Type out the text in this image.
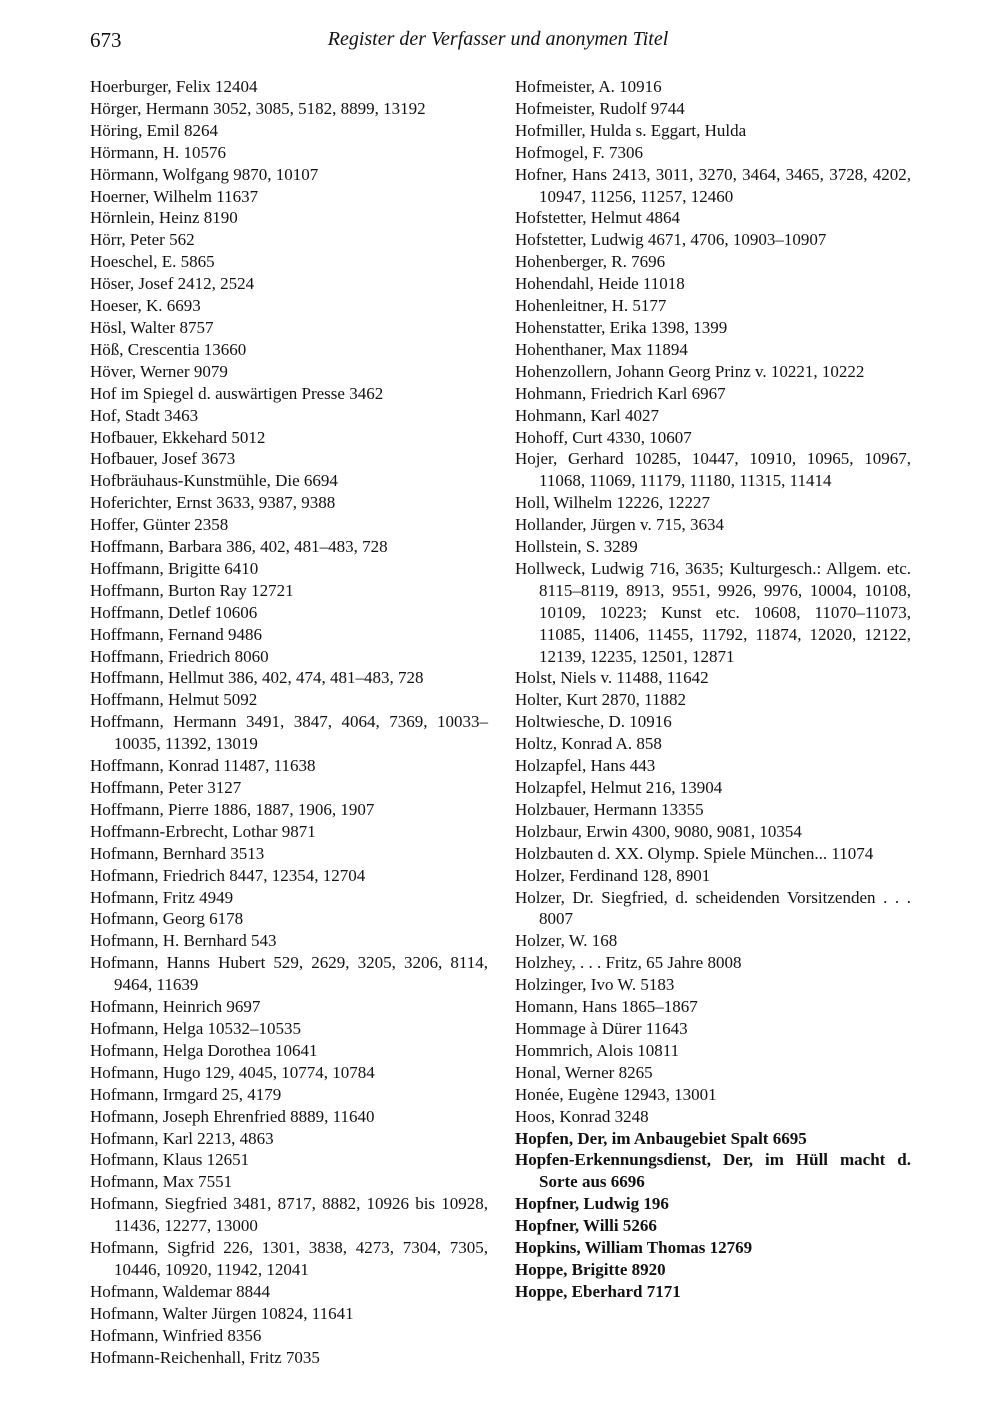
673	Register der Verfasser und anonymen Titel
Hoerburger, Felix 12404
Hörger, Hermann 3052, 3085, 5182, 8899, 13192
Höring, Emil 8264
Hörmann, H. 10576
Hörmann, Wolfgang 9870, 10107
Hoerner, Wilhelm 11637
Hörnlein, Heinz 8190
Hörr, Peter 562
Hoeschel, E. 5865
Höser, Josef 2412, 2524
Hoeser, K. 6693
Hösl, Walter 8757
Höß, Crescentia 13660
Höver, Werner 9079
Hof im Spiegel d. auswärtigen Presse 3462
Hof, Stadt 3463
Hofbauer, Ekkehard 5012
Hofbauer, Josef 3673
Hofbräuhaus-Kunstmühle, Die 6694
Hoferichter, Ernst 3633, 9387, 9388
Hoffer, Günter 2358
Hoffmann, Barbara 386, 402, 481–483, 728
Hoffmann, Brigitte 6410
Hoffmann, Burton Ray 12721
Hoffmann, Detlef 10606
Hoffmann, Fernand 9486
Hoffmann, Friedrich 8060
Hoffmann, Hellmut 386, 402, 474, 481–483, 728
Hoffmann, Helmut 5092
Hoffmann, Hermann 3491, 3847, 4064, 7369, 10033–10035, 11392, 13019
Hoffmann, Konrad 11487, 11638
Hoffmann, Peter 3127
Hoffmann, Pierre 1886, 1887, 1906, 1907
Hoffmann-Erbrecht, Lothar 9871
Hofmann, Bernhard 3513
Hofmann, Friedrich 8447, 12354, 12704
Hofmann, Fritz 4949
Hofmann, Georg 6178
Hofmann, H. Bernhard 543
Hofmann, Hanns Hubert 529, 2629, 3205, 3206, 8114, 9464, 11639
Hofmann, Heinrich 9697
Hofmann, Helga 10532–10535
Hofmann, Helga Dorothea 10641
Hofmann, Hugo 129, 4045, 10774, 10784
Hofmann, Irmgard 25, 4179
Hofmann, Joseph Ehrenfried 8889, 11640
Hofmann, Karl 2213, 4863
Hofmann, Klaus 12651
Hofmann, Max 7551
Hofmann, Siegfried 3481, 8717, 8882, 10926 bis 10928, 11436, 12277, 13000
Hofmann, Sigfrid 226, 1301, 3838, 4273, 7304, 7305, 10446, 10920, 11942, 12041
Hofmann, Waldemar 8844
Hofmann, Walter Jürgen 10824, 11641
Hofmann, Winfried 8356
Hofmann-Reichenhall, Fritz 7035
Hofmeister, A. 10916
Hofmeister, Rudolf 9744
Hofmiller, Hulda s. Eggart, Hulda
Hofmogel, F. 7306
Hofner, Hans 2413, 3011, 3270, 3464, 3465, 3728, 4202, 10947, 11256, 11257, 12460
Hofstetter, Helmut 4864
Hofstetter, Ludwig 4671, 4706, 10903–10907
Hohenberger, R. 7696
Hohendahl, Heide 11018
Hohenleitner, H. 5177
Hohenstatter, Erika 1398, 1399
Hohenthaner, Max 11894
Hohenzollern, Johann Georg Prinz v. 10221, 10222
Hohmann, Friedrich Karl 6967
Hohmann, Karl 4027
Hohoff, Curt 4330, 10607
Hojer, Gerhard 10285, 10447, 10910, 10965, 10967, 11068, 11069, 11179, 11180, 11315, 11414
Holl, Wilhelm 12226, 12227
Hollander, Jürgen v. 715, 3634
Hollstein, S. 3289
Hollweck, Ludwig 716, 3635; Kulturgesch.: Allgem. etc. 8115–8119, 8913, 9551, 9926, 9976, 10004, 10108, 10109, 10223; Kunst etc. 10608, 11070–11073, 11085, 11406, 11455, 11792, 11874, 12020, 12122, 12139, 12235, 12501, 12871
Holst, Niels v. 11488, 11642
Holter, Kurt 2870, 11882
Holtwiesche, D. 10916
Holtz, Konrad A. 858
Holzapfel, Hans 443
Holzapfel, Helmut 216, 13904
Holzbauer, Hermann 13355
Holzbaur, Erwin 4300, 9080, 9081, 10354
Holzbauten d. XX. Olymp. Spiele München... 11074
Holzer, Ferdinand 128, 8901
Holzer, Dr. Siegfried, d. scheidenden Vorsitzenden . . . 8007
Holzer, W. 168
Holzhey, . . . Fritz, 65 Jahre 8008
Holzinger, Ivo W. 5183
Homann, Hans 1865–1867
Hommage à Dürer 11643
Hommrich, Alois 10811
Honal, Werner 8265
Honée, Eugène 12943, 13001
Hoos, Konrad 3248
Hopfen, Der, im Anbaugebiet Spalt 6695
Hopfen-Erkennungsdienst, Der, im Hüll macht d. Sorte aus 6696
Hopfner, Ludwig 196
Hopfner, Willi 5266
Hopkins, William Thomas 12769
Hoppe, Brigitte 8920
Hoppe, Eberhard 7171
